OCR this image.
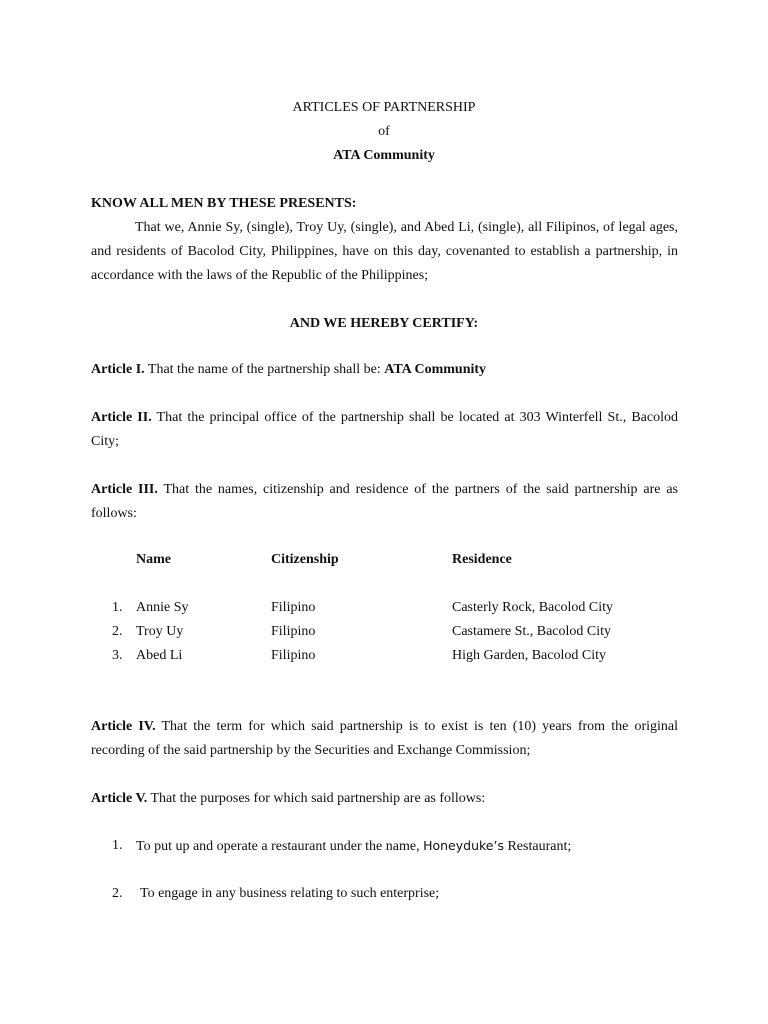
ARTICLES OF PARTNERSHIP
of
ATA Community
KNOW ALL MEN BY THESE PRESENTS:
That we, Annie Sy, (single), Troy Uy, (single), and Abed Li, (single), all Filipinos, of legal ages, and residents of Bacolod City, Philippines, have on this day, covenanted to establish a partnership, in accordance with the laws of the Republic of the Philippines;
AND WE HEREBY CERTIFY:
Article I. That the name of the partnership shall be: ATA Community
Article II. That the principal office of the partnership shall be located at 303 Winterfell St., Bacolod City;
Article III. That the names, citizenship and residence of the partners of the said partnership are as follows:
Name	Citizenship	Residence
1. Annie Sy	Filipino	Casterly Rock, Bacolod City
2. Troy Uy	Filipino	Castamere St., Bacolod City
3. Abed Li	Filipino	High Garden, Bacolod City
Article IV. That the term for which said partnership is to exist is ten (10) years from the original recording of the said partnership by the Securities and Exchange Commission;
Article V. That the purposes for which said partnership are as follows:
1. To put up and operate a restaurant under the name, Honeyduke’s Restaurant;
2. To engage in any business relating to such enterprise;
